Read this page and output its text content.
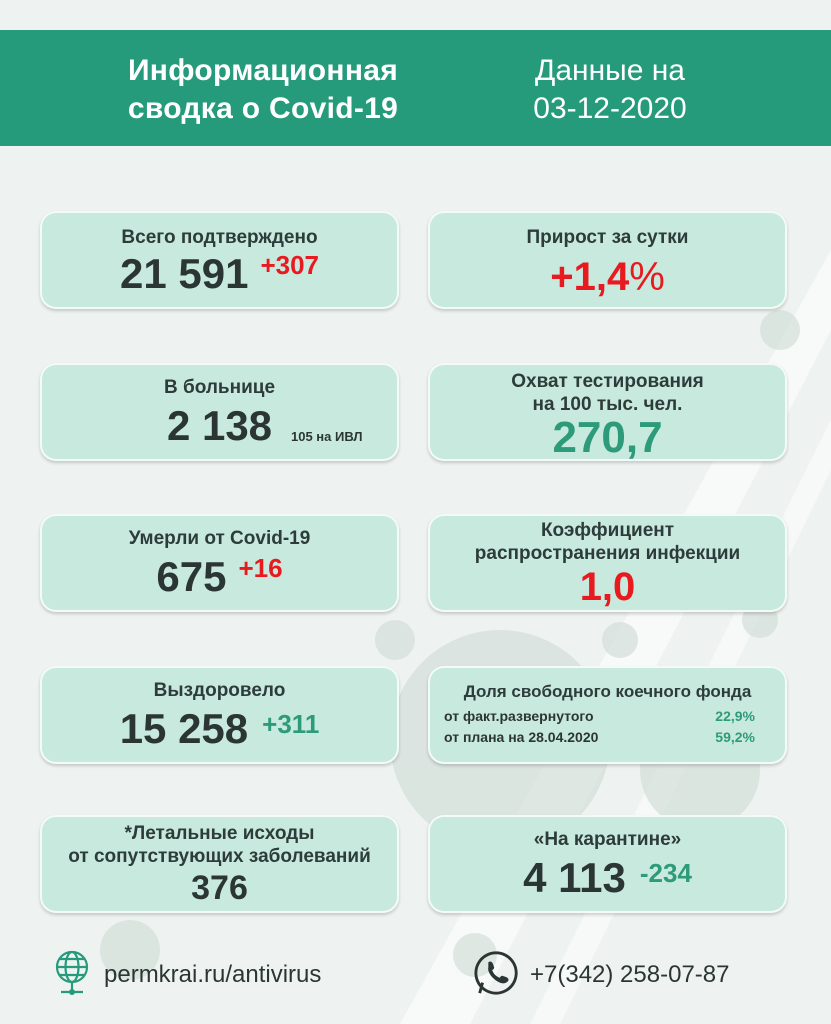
Информационная
сводка о Covid-19
Данные на
03-12-2020
Всего подтверждено
21 591 +307
Прирост за сутки
+1,4%
В больнице
2 138 105 на ИВЛ
Охват тестирования
на 100 тыс. чел.
270,7
Умерли от Covid-19
675 +16
Коэффициент
распространения инфекции
1,0
Выздоровело
15 258 +311
Доля свободного коечного фонда
от факт.развернутого	22,9%
от плана на 28.04.2020	59,2%
*Летальные исходы
от сопутствующих заболеваний
376
«На карантине»
4 113 -234
permkrai.ru/antivirus	+7(342) 258-07-87
